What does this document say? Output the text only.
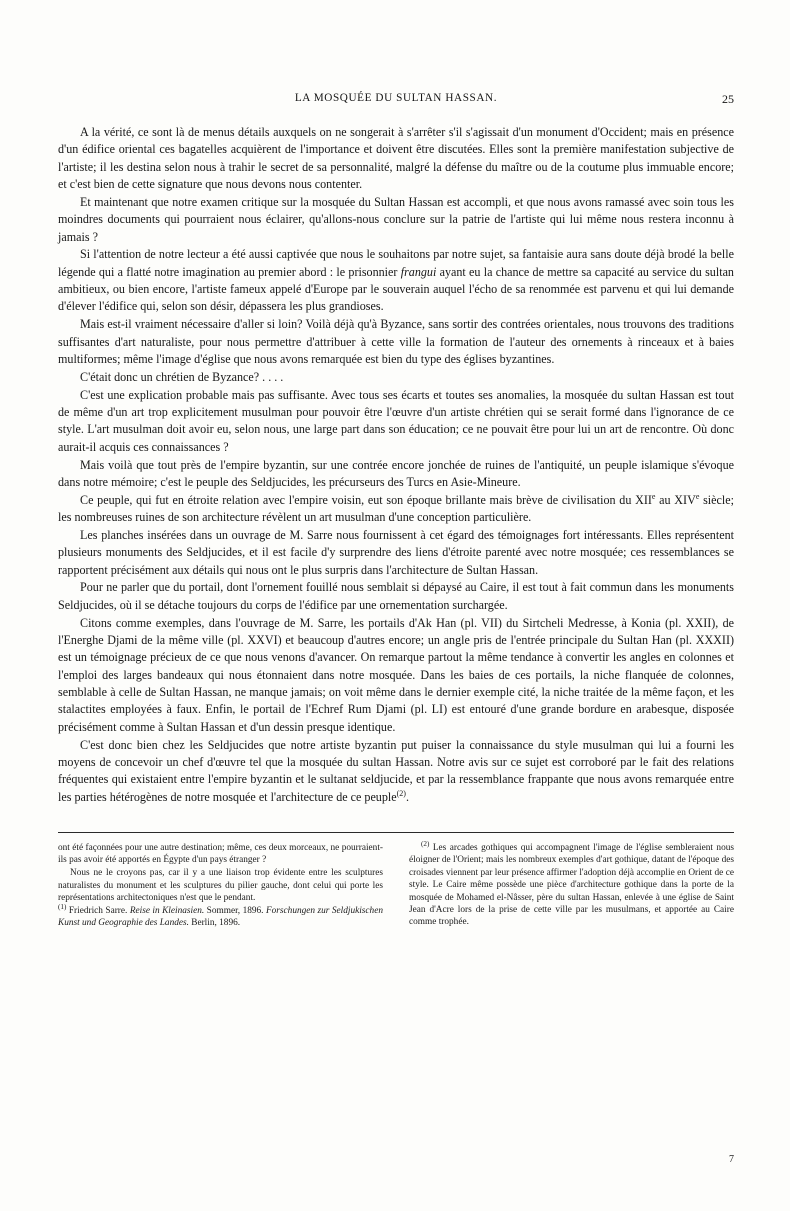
LA MOSQUÉE DU SULTAN HASSAN.	25

A la vérité, ce sont là de menus détails auxquels on ne songerait à s'arrêter s'il s'agissait d'un monument d'Occident; mais en présence d'un édifice oriental ces bagatelles acquièrent de l'importance et doivent être discutées. Elles sont la première manifestation subjective de l'artiste; il les destina selon nous à trahir le secret de sa personnalité, malgré la défense du maître ou de la coutume plus immuable encore; et c'est bien de cette signature que nous devons nous contenter.

Et maintenant que notre examen critique sur la mosquée du Sultan Hassan est accompli, et que nous avons ramassé avec soin tous les moindres documents qui pourraient nous éclairer, qu'allons-nous conclure sur la patrie de l'artiste qui lui même nous restera inconnu à jamais ?

Si l'attention de notre lecteur a été aussi captivée que nous le souhaitons par notre sujet, sa fantaisie aura sans doute déjà brodé la belle légende qui a flatté notre imagination au premier abord : le prisonnier frangui ayant eu la chance de mettre sa capacité au service du sultan ambitieux, ou bien encore, l'artiste fameux appelé d'Europe par le souverain auquel l'écho de sa renommée est parvenu et qui lui demande d'élever l'édifice qui, selon son désir, dépassera les plus grandioses.

Mais est-il vraiment nécessaire d'aller si loin? Voilà déjà qu'à Byzance, sans sortir des contrées orientales, nous trouvons des traditions suffisantes d'art naturaliste, pour nous permettre d'attribuer à cette ville la formation de l'auteur des ornements à rinceaux et à baies multiformes; même l'image d'église que nous avons remarquée est bien du type des églises byzantines.

C'était donc un chrétien de Byzance? . . . .

C'est une explication probable mais pas suffisante. Avec tous ses écarts et toutes ses anomalies, la mosquée du sultan Hassan est tout de même d'un art trop explicitement musulman pour pouvoir être l'œuvre d'un artiste chrétien qui se serait formé dans l'ignorance de ce style. L'art musulman doit avoir eu, selon nous, une large part dans son éducation; ce ne pouvait être pour lui un art de rencontre. Où donc aurait-il acquis ces connaissances ?

Mais voilà que tout près de l'empire byzantin, sur une contrée encore jonchée de ruines de l'antiquité, un peuple islamique s'évoque dans notre mémoire; c'est le peuple des Seldjucides, les précurseurs des Turcs en Asie-Mineure.

Ce peuple, qui fut en étroite relation avec l'empire voisin, eut son époque brillante mais brève de civilisation du XIIe au XIVe siècle; les nombreuses ruines de son architecture révèlent un art musulman d'une conception particulière.

Les planches insérées dans un ouvrage de M. Sarre nous fournissent à cet égard des témoignages fort intéressants. Elles représentent plusieurs monuments des Seldjucides, et il est facile d'y surprendre des liens d'étroite parenté avec notre mosquée; ces ressemblances se rapportent précisément aux détails qui nous ont le plus surpris dans l'architecture de Sultan Hassan.

Pour ne parler que du portail, dont l'ornement fouillé nous semblait si dépaysé au Caire, il est tout à fait commun dans les monuments Seldjucides, où il se détache toujours du corps de l'édifice par une ornementation surchargée.

Citons comme exemples, dans l'ouvrage de M. Sarre, les portails d'Ak Han (pl. VII) du Sirtcheli Medresse, à Konia (pl. XXII), de l'Energhe Djami de la même ville (pl. XXVI) et beaucoup d'autres encore; un angle pris de l'entrée principale du Sultan Han (pl. XXXII) est un témoignage précieux de ce que nous venons d'avancer. On remarque partout la même tendance à convertir les angles en colonnes et l'emploi des larges bandeaux qui nous étonnaient dans notre mosquée. Dans les baies de ces portails, la niche flanquée de colonnes, semblable à celle de Sultan Hassan, ne manque jamais; on voit même dans le dernier exemple cité, la niche traitée de la même façon, et les stalactites employées à faux. Enfin, le portail de l'Echref Rum Djami (pl. LI) est entouré d'une grande bordure en arabesque, disposée précisément comme à Sultan Hassan et d'un dessin presque identique.

C'est donc bien chez les Seldjucides que notre artiste byzantin put puiser la connaissance du style musulman qui lui a fourni les moyens de concevoir un chef d'œuvre tel que la mosquée du sultan Hassan. Notre avis sur ce sujet est corroboré par le fait des relations fréquentes qui existaient entre l'empire byzantin et le sultanat seldjucide, et par la ressemblance frappante que nous avons remarquée entre les parties hétérogènes de notre mosquée et l'architecture de ce peuple$^{(2)}$.

ont été façonnées pour une autre destination; même, ces deux morceaux, ne pourraient-ils pas avoir été apportés en Égypte d'un pays étranger ?

Nous ne le croyons pas, car il y a une liaison trop évidente entre les sculptures naturalistes du monument et les sculptures du pilier gauche, dont celui qui porte les représentations architectoniques n'est que le pendant.

$^{(1)}$ Friedrich Sarre. Reise in Kleinasien. Sommer, 1896. Forschungen zur Seldjukischen Kunst und Geographie des Landes. Berlin, 1896.

$^{(2)}$ Les arcades gothiques qui accompagnent l'image de l'église sembleraient nous éloigner de l'Orient; mais les nombreux exemples d'art gothique, datant de l'époque des croisades viennent par leur présence affirmer l'adoption déjà accomplie en Orient de ce style. Le Caire même possède une pièce d'architecture gothique dans la porte de la mosquée de Mohamed el-Nâsser, père du sultan Hassan, enlevée à une église de Saint Jean d'Acre lors de la prise de cette ville par les musulmans, et apportée au Caire comme trophée.

7
